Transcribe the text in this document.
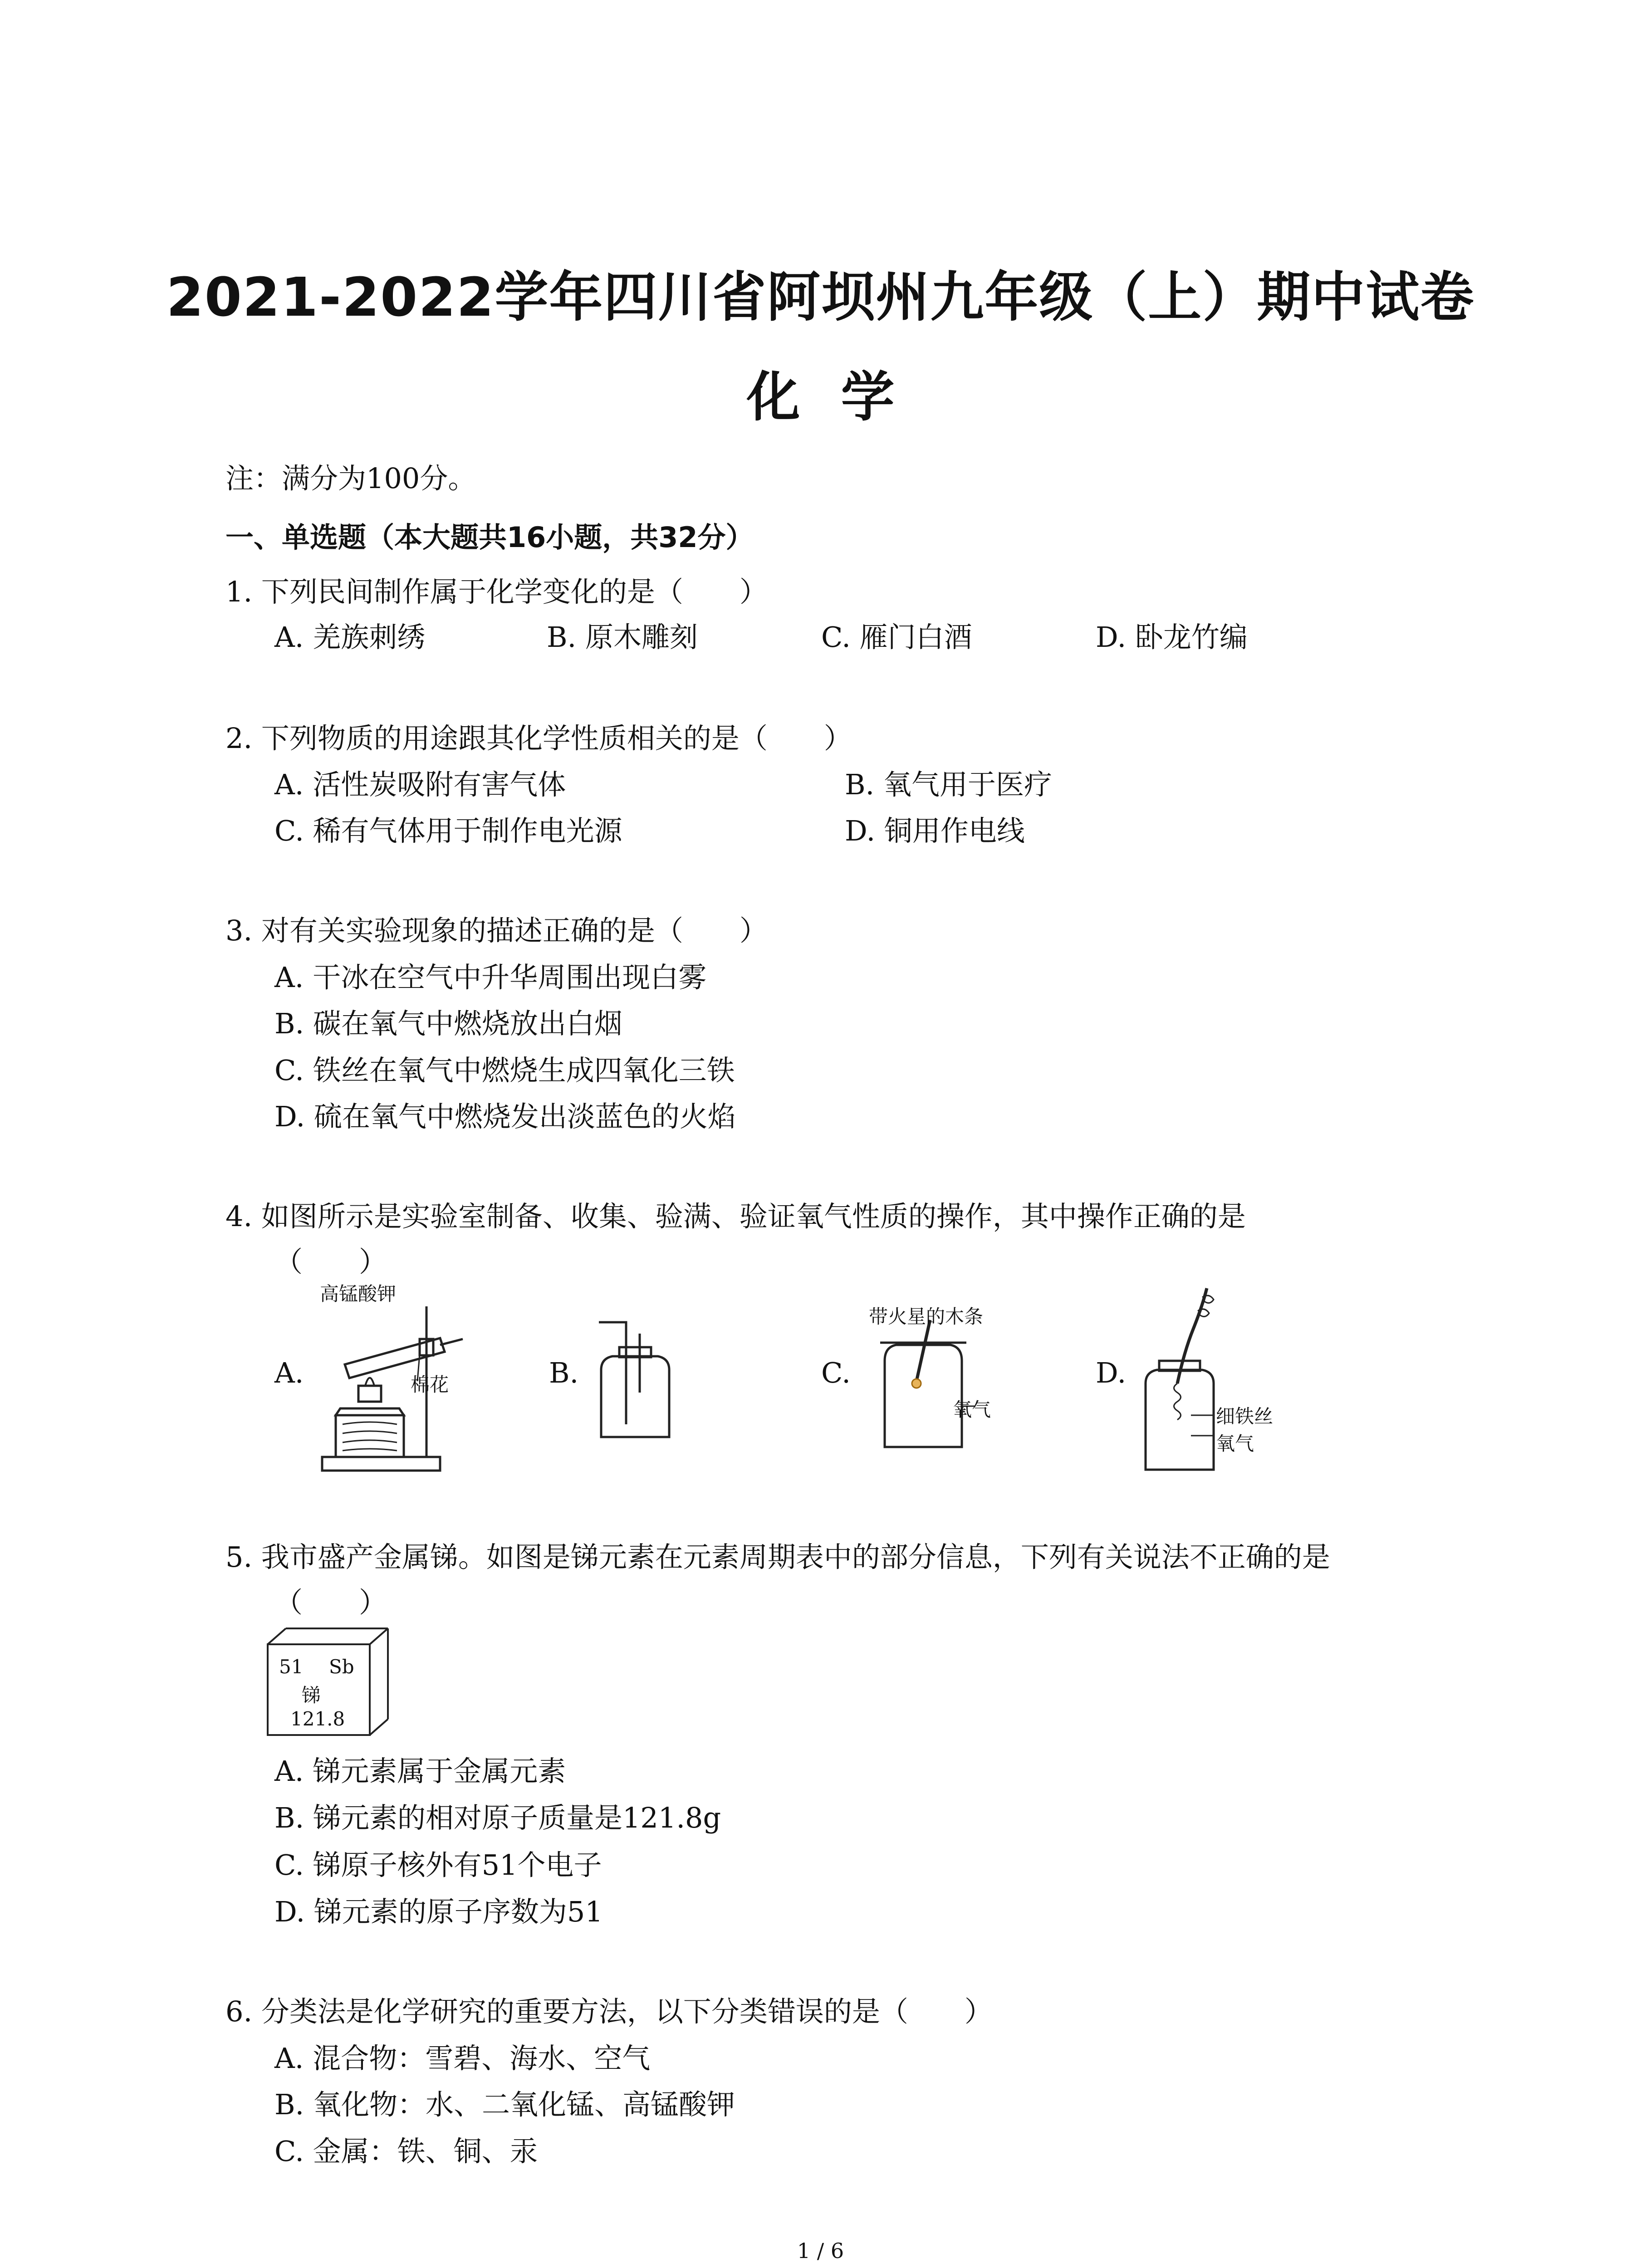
2021-2022学年四川省阿坝州九年级（上）期中试卷
化学
注：满分为100分。
一、单选题（本大题共16小题，共32分）
1. 下列民间制作属于化学变化的是（　　）
A. 羌族刺绣	B. 原木雕刻	C. 雁门白酒	D. 卧龙竹编
2. 下列物质的用途跟其化学性质相关的是（　　）
A. 活性炭吸附有害气体	B. 氧气用于医疗
C. 稀有气体用于制作电光源	D. 铜用作电线
3. 对有关实验现象的描述正确的是（　　）
A. 干冰在空气中升华周围出现白雾
B. 碳在氧气中燃烧放出白烟
C. 铁丝在氧气中燃烧生成四氧化三铁
D. 硫在氧气中燃烧发出淡蓝色的火焰
4. 如图所示是实验室制备、收集、验满、验证氧气性质的操作，其中操作正确的是
（　　）
A.	B.	C.	D.
高锰酸钾
棉花
带火星的木条
氧气	细铁丝
氧气
5. 我市盛产金属锑。如图是锑元素在元素周期表中的部分信息，下列有关说法不正确的是
（　　）
51 Sb
锑
121.8
A. 锑元素属于金属元素
B. 锑元素的相对原子质量是121.8g
C. 锑原子核外有51个电子
D. 锑元素的原子序数为51
6. 分类法是化学研究的重要方法，以下分类错误的是（　　）
A. 混合物：雪碧、海水、空气
B. 氧化物：水、二氧化锰、高锰酸钾
C. 金属：铁、铜、汞
1 / 6
